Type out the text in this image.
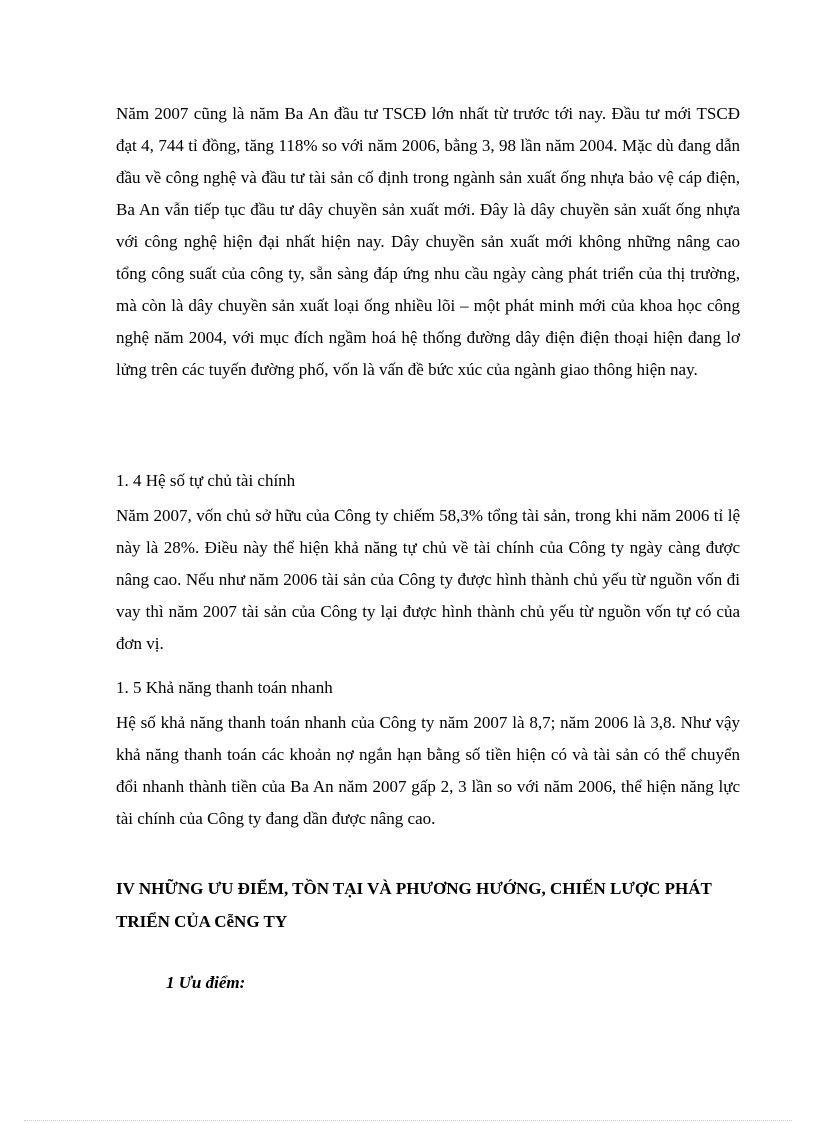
Năm 2007 cũng là năm Ba An đầu tư TSCĐ lớn nhất từ trước tới nay. Đầu tư mới TSCĐ đạt 4, 744 tỉ đồng, tăng 118% so với năm 2006, bằng 3, 98 lần năm 2004. Mặc dù đang dẫn đầu về công nghệ và đầu tư tài sản cố định trong ngành sản xuất ống nhựa bảo vệ cáp điện, Ba An vẫn tiếp tục đầu tư dây chuyền sản xuất mới. Đây là dây chuyền sản xuất ống nhựa với công nghệ hiện đại nhất hiện nay. Dây chuyền sản xuất mới không những nâng cao tổng công suất của công ty, sẵn sàng đáp ứng nhu cầu ngày càng phát triển của thị trường, mà còn là dây chuyền sản xuất loại ống nhiều lõi – một phát minh mới của khoa học công nghệ năm 2004, với mục đích ngầm hoá hệ thống đường dây điện điện thoại hiện đang lơ lửng trên các tuyến đường phố, vốn là vấn đề bức xúc của ngành giao thông hiện nay.

1. 4 Hệ số tự chủ tài chính

Năm 2007, vốn chủ sở hữu của Công ty chiếm 58,3% tổng tài sản, trong khi năm 2006 tỉ lệ này là 28%. Điều này thể hiện khả năng tự chủ về tài chính của Công ty ngày càng được nâng cao. Nếu như năm 2006 tài sản của Công ty được hình thành chủ yếu từ nguồn vốn đi vay thì năm 2007 tài sản của Công ty lại được hình thành chủ yếu từ nguồn vốn tự có của đơn vị.

1. 5 Khả năng thanh toán nhanh

Hệ số khả năng thanh toán nhanh của Công ty năm 2007 là 8,7; năm 2006 là 3,8. Như vậy khả năng thanh toán các khoản nợ ngắn hạn bằng số tiền hiện có và tài sản có thể chuyển đổi nhanh thành tiền của Ba An năm 2007 gấp 2, 3 lần so với năm 2006, thể hiện năng lực tài chính của Công ty đang dần được nâng cao.

IV NHỮNG ƯU ĐIỂM, TỒN TẠI VÀ PHƯƠNG HƯỚNG, CHIẾN LƯỢC PHÁT TRIỂN CỦA CễNG TY

1 Ưu điểm:
